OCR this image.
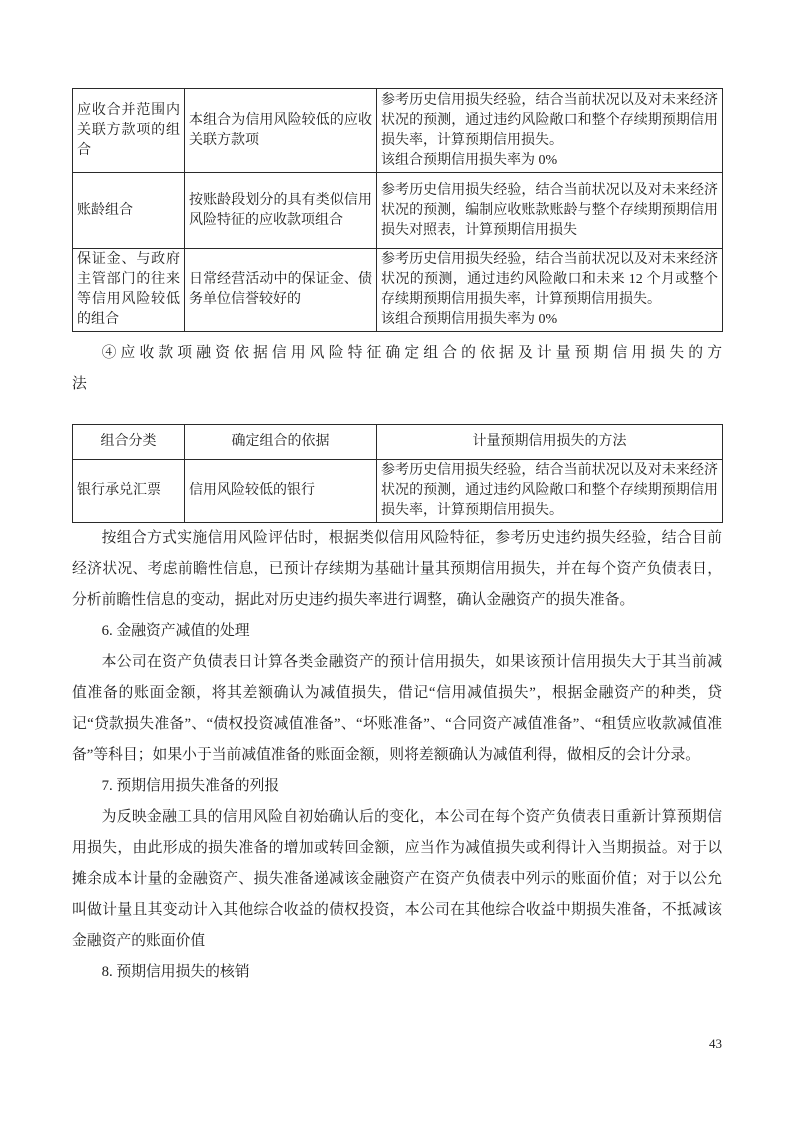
应收合并范围内关联方款项的组合	本组合为信用风险较低的应收关联方款项	参考历史信用损失经验，结合当前状况以及对未来经济状况的预测，通过违约风险敞口和整个存续期预期信用损失率，计算预期信用损失。
该组合预期信用损失率为 0%

账龄组合	按账龄段划分的具有类似信用风险特征的应收款项组合	参考历史信用损失经验，结合当前状况以及对未来经济状况的预测，编制应收账款账龄与整个存续期预期信用损失对照表，计算预期信用损失

保证金、与政府主管部门的往来等信用风险较低的组合	日常经营活动中的保证金、债务单位信誉较好的	参考历史信用损失经验，结合当前状况以及对未来经济状况的预测，通过违约风险敞口和未来 12 个月或整个存续期预期信用损失率，计算预期信用损失。
该组合预期信用损失率为 0%
④应收款项融资依据信用风险特征确定组合的依据及计量预期信用损失的方
法
组合分类	确定组合的依据	计量预期信用损失的方法
银行承兑汇票	信用风险较低的银行	参考历史信用损失经验，结合当前状况以及对未来经济状况的预测，通过违约风险敞口和整个存续期预期信用损失率，计算预期信用损失。

按组合方式实施信用风险评估时，根据类似信用风险特征，参考历史违约损失经验，结合目前经济状况、考虑前瞻性信息，已预计存续期为基础计量其预期信用损失，并在每个资产负债表日，分析前瞻性信息的变动，据此对历史违约损失率进行调整，确认金融资产的损失准备。

6. 金融资产减值的处理

本公司在资产负债表日计算各类金融资产的预计信用损失，如果该预计信用损失大于其当前减值准备的账面金额，将其差额确认为减值损失，借记“信用减值损失”，根据金融资产的种类，贷记“贷款损失准备”、“债权投资减值准备”、“坏账准备”、“合同资产减值准备”、“租赁应收款减值准备”等科目；如果小于当前减值准备的账面金额，则将差额确认为减值利得，做相反的会计分录。

7. 预期信用损失准备的列报

为反映金融工具的信用风险自初始确认后的变化，本公司在每个资产负债表日重新计算预期信用损失，由此形成的损失准备的增加或转回金额，应当作为减值损失或利得计入当期损益。对于以摊余成本计量的金融资产、损失准备递减该金融资产在资产负债表中列示的账面价值；对于以公允叫做计量且其变动计入其他综合收益的债权投资，本公司在其他综合收益中期损失准备，不抵减该金融资产的账面价值

8. 预期信用损失的核销
43
